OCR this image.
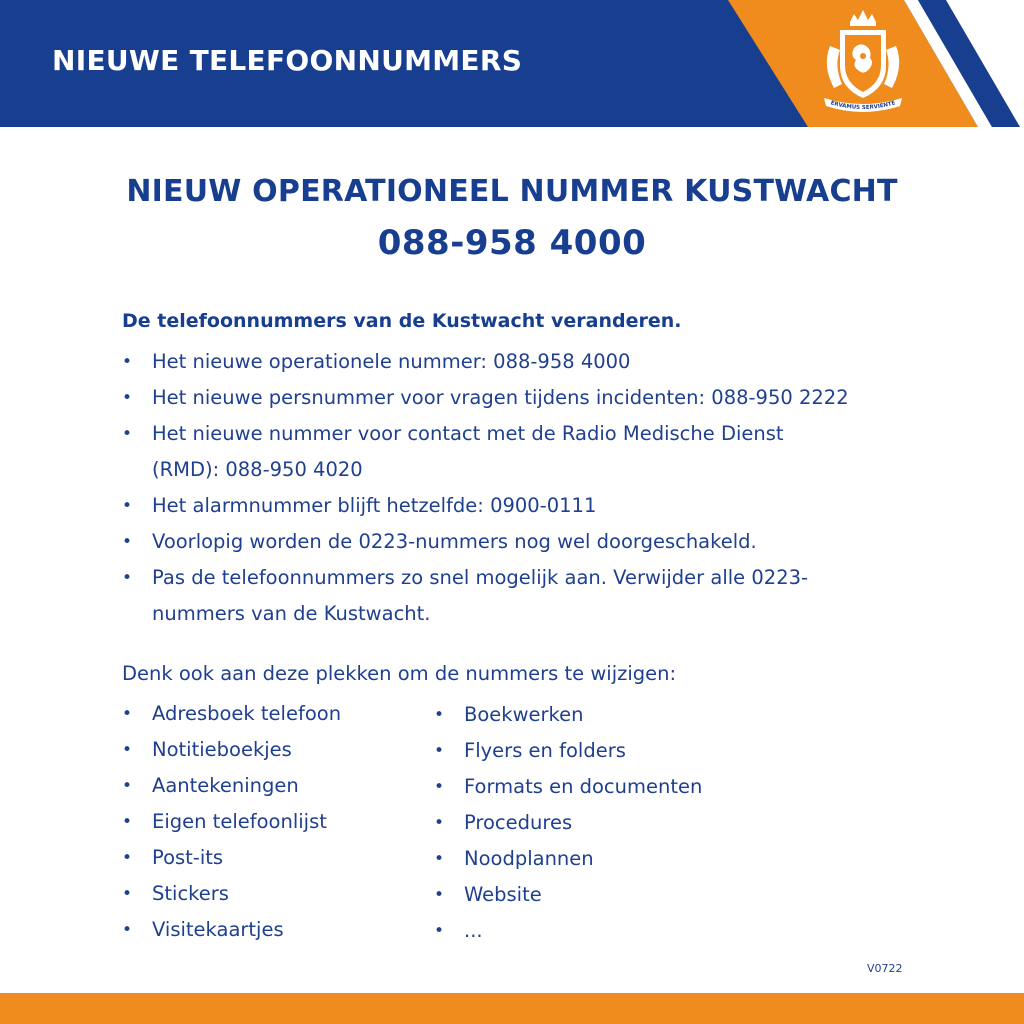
NIEUWE TELEFOONNUMMERS
ERVAMUS SERVIENTE
NIEUW OPERATIONEEL NUMMER KUSTWACHT

088-958 4000

De telefoonnummers van de Kustwacht veranderen.

• Het nieuwe operationele nummer: 088-958 4000
• Het nieuwe persnummer voor vragen tijdens incidenten: 088-950 2222
• Het nieuwe nummer voor contact met de Radio Medische Dienst (RMD): 088-950 4020
• Het alarmnummer blijft hetzelfde: 0900-0111
• Voorlopig worden de 0223-nummers nog wel doorgeschakeld.
• Pas de telefoonnummers zo snel mogelijk aan. Verwijder alle 0223-nummers van de Kustwacht.

Denk ook aan deze plekken om de nummers te wijzigen:

• Adresboek telefoon
• Notitieboekjes
• Aantekeningen
• Eigen telefoonlijst
• Post-its
• Stickers
• Visitekaartjes
• Boekwerken
• Flyers en folders
• Formats en documenten
• Procedures
• Noodplannen
• Website
• ...

V0722
